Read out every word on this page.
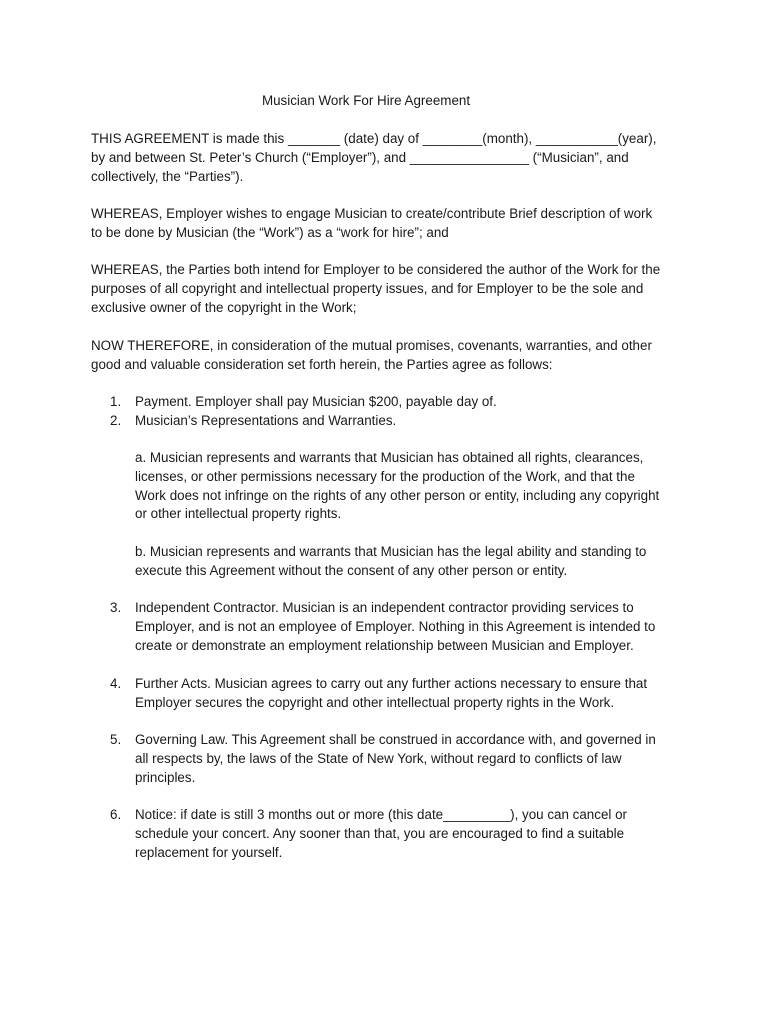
Musician Work For Hire Agreement
THIS AGREEMENT is made this _______ (date) day of ________(month), ___________(year),
by and between St. Peter’s Church (“Employer”), and ________________ (“Musician”, and
collectively, the “Parties”).
WHEREAS, Employer wishes to engage Musician to create/contribute Brief description of work
to be done by Musician (the “Work”) as a “work for hire”; and
WHEREAS, the Parties both intend for Employer to be considered the author of the Work for the
purposes of all copyright and intellectual property issues, and for Employer to be the sole and
exclusive owner of the copyright in the Work;
NOW THEREFORE, in consideration of the mutual promises, covenants, warranties, and other
good and valuable consideration set forth herein, the Parties agree as follows:
1.	Payment. Employer shall pay Musician $200, payable day of.
2.	Musician’s Representations and Warranties.
a. Musician represents and warrants that Musician has obtained all rights, clearances,
licenses, or other permissions necessary for the production of the Work, and that the
Work does not infringe on the rights of any other person or entity, including any copyright
or other intellectual property rights.
b. Musician represents and warrants that Musician has the legal ability and standing to
execute this Agreement without the consent of any other person or entity.
3.	Independent Contractor. Musician is an independent contractor providing services to
Employer, and is not an employee of Employer. Nothing in this Agreement is intended to
create or demonstrate an employment relationship between Musician and Employer.
4.	Further Acts. Musician agrees to carry out any further actions necessary to ensure that
Employer secures the copyright and other intellectual property rights in the Work.
5.	Governing Law. This Agreement shall be construed in accordance with, and governed in
all respects by, the laws of the State of New York, without regard to conflicts of law
principles.
6.	Notice: if date is still 3 months out or more (this date_________), you can cancel or
schedule your concert. Any sooner than that, you are encouraged to find a suitable
replacement for yourself.
